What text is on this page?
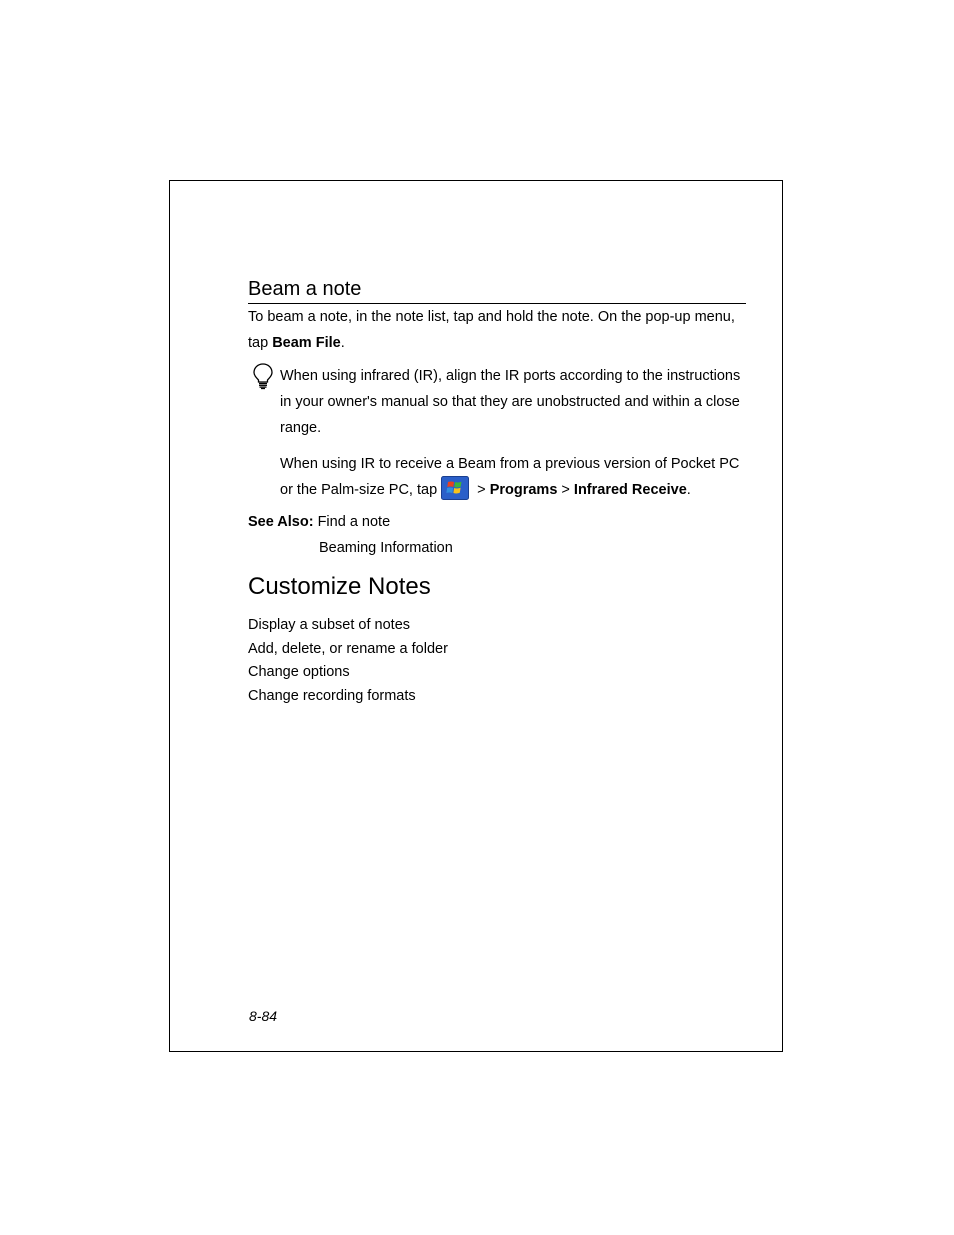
Beam a note

To beam a note, in the note list, tap and hold the note. On the pop-up menu, tap Beam File.

When using infrared (IR), align the IR ports according to the instructions in your owner's manual so that they are unobstructed and within a close range.

When using IR to receive a Beam from a previous version of Pocket PC or the Palm-size PC, tap > Programs > Infrared Receive.

See Also: Find a note

Beaming Information

Customize Notes
Display a subset of notes
Add, delete, or rename a folder
Change options
Change recording formats
8-84
